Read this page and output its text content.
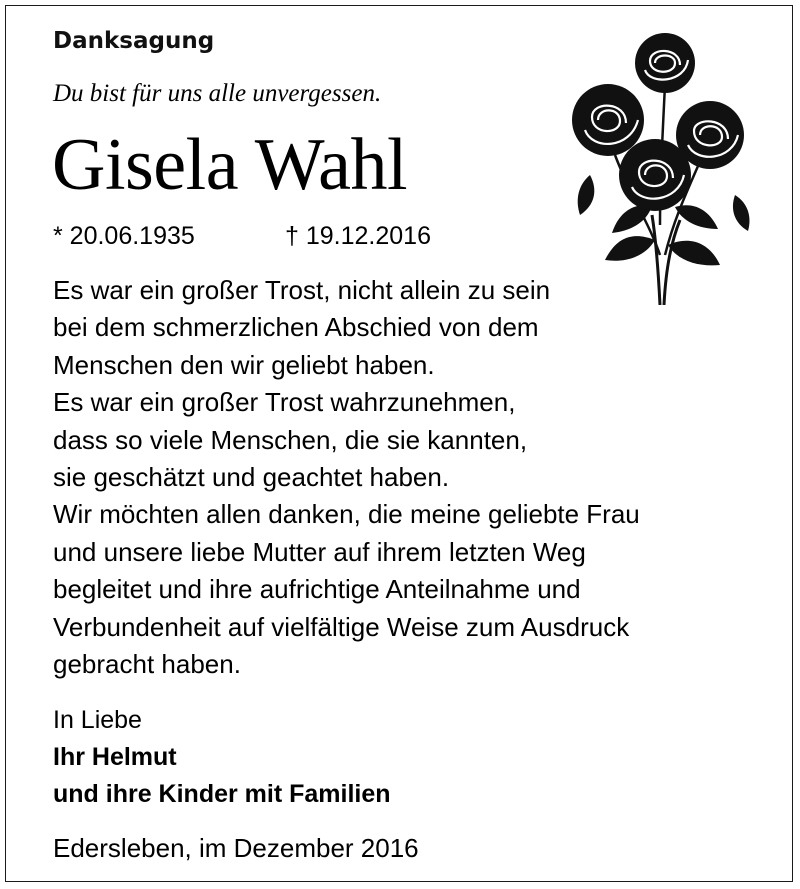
Danksagung
Du bist für uns alle unvergessen.
Gisela Wahl
* 20.06.1935	† 19.12.2016
Es war ein großer Trost, nicht allein zu sein
bei dem schmerzlichen Abschied von dem
Menschen den wir geliebt haben.
Es war ein großer Trost wahrzunehmen,
dass so viele Menschen, die sie kannten,
sie geschätzt und geachtet haben.
Wir möchten allen danken, die meine geliebte Frau
und unsere liebe Mutter auf ihrem letzten Weg
begleitet und ihre aufrichtige Anteilnahme und
Verbundenheit auf vielfältige Weise zum Ausdruck
gebracht haben.
In Liebe
Ihr Helmut
und ihre Kinder mit Familien
Edersleben, im Dezember 2016
